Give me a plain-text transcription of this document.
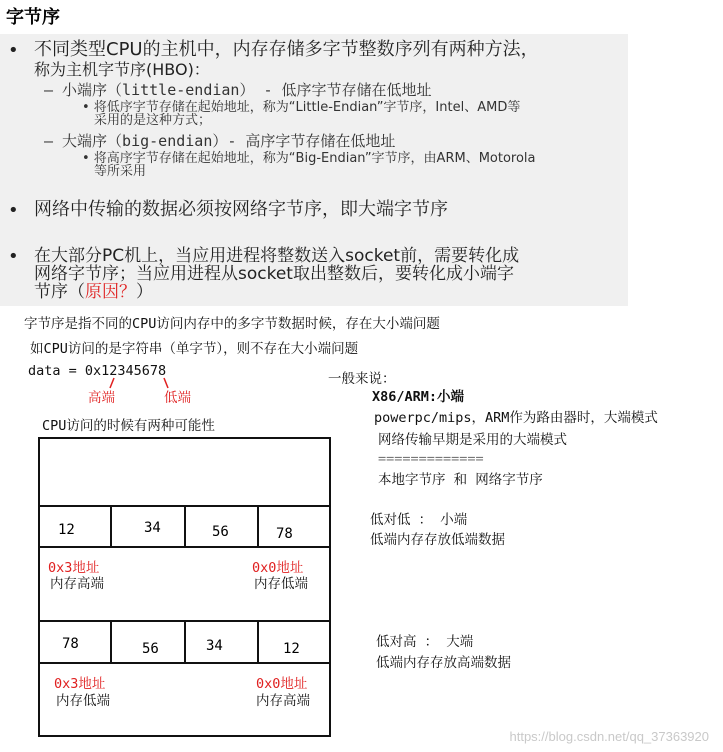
字节序
• 不同类型CPU的主机中，内存存储多字节整数序列有两种方法，
称为主机字节序(HBO)：
– 小端序（little-endian） - 低序字节存储在低地址
• 将低序字节存储在起始地址，称为“Little-Endian”字节序，Intel、AMD等
采用的是这种方式；
– 大端序（big-endian）- 高序字节存储在低地址
• 将高序字节存储在起始地址，称为“Big-Endian”字节序，由ARM、Motorola
等所采用
• 网络中传输的数据必须按网络字节序，即大端字节序
• 在大部分PC机上，当应用进程将整数送入socket前，需要转化成
网络字节序；当应用进程从socket取出整数后，要转化成小端字
节序（原因？）
字节序是指不同的CPU访问内存中的多字节数据时候，存在大小端问题
如CPU访问的是字符串（单字节），则不存在大小端问题
data = 0x12345678
高端	低端
CPU访问的时候有两种可能性
一般来说：
X86/ARM:小端
powerpc/mips，ARM作为路由器时，大端模式
网络传输早期是采用的大端模式
=============
本地字节序 和 网络字节序
低对低 ： 小端
低端内存存放低端数据
低对高 ： 大端
低端内存存放高端数据
12	34	56	78
0x3地址
内存高端
0x0地址
内存低端
78	56	34	12
0x3地址
内存低端
0x0地址
内存高端
https://blog.csdn.net/qq_37363920
